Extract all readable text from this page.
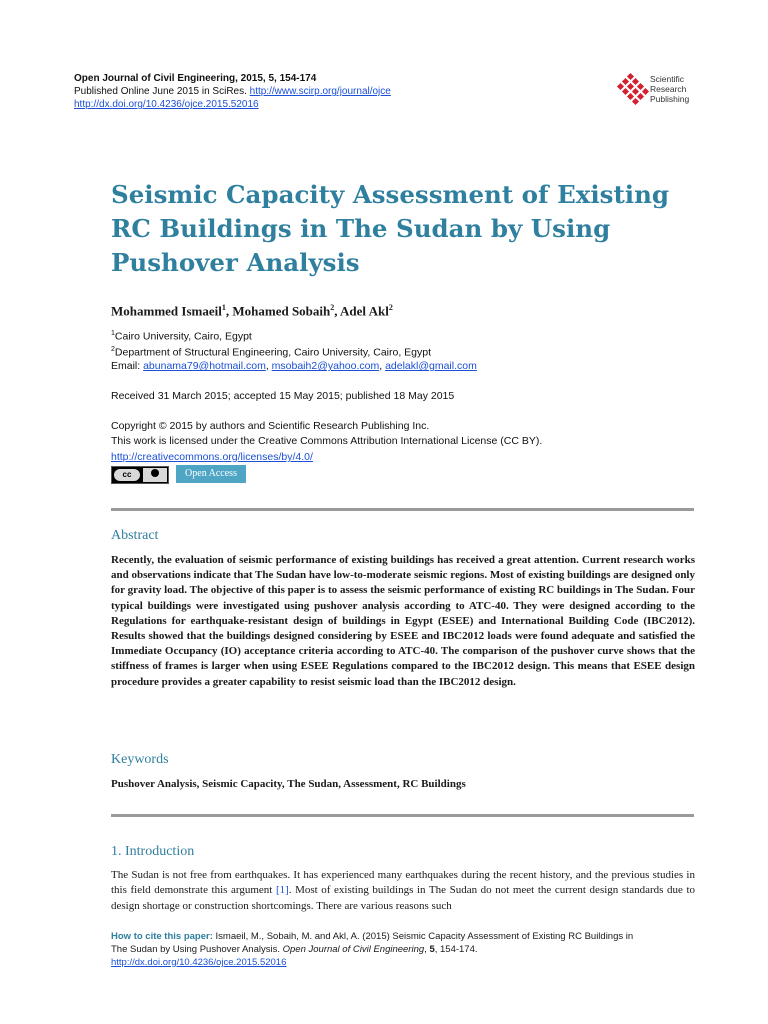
Open Journal of Civil Engineering, 2015, 5, 154-174
Published Online June 2015 in SciRes. http://www.scirp.org/journal/ojce
http://dx.doi.org/10.4236/ojce.2015.52016
Scientific
Research
Publishing
Seismic Capacity Assessment of Existing RC Buildings in The Sudan by Using Pushover Analysis
Mohammed Ismaeil$^1$, Mohamed Sobaih$^2$, Adel Akl$^2$
$^1$Cairo University, Cairo, Egypt
$^2$Department of Structural Engineering, Cairo University, Cairo, Egypt
Email: abunama79@hotmail.com, msobaih2@yahoo.com, adelakl@gmail.com
Received 31 March 2015; accepted 15 May 2015; published 18 May 2015
Copyright © 2015 by authors and Scientific Research Publishing Inc.
This work is licensed under the Creative Commons Attribution International License (CC BY).
http://creativecommons.org/licenses/by/4.0/
cc	Open Access
Abstract
Recently, the evaluation of seismic performance of existing buildings has received a great attention. Current research works and observations indicate that The Sudan have low-to-moderate seismic regions. Most of existing buildings are designed only for gravity load. The objective of this paper is to assess the seismic performance of existing RC buildings in The Sudan. Four typical buildings were investigated using pushover analysis according to ATC-40. They were designed according to the Regulations for earthquake-resistant design of buildings in Egypt (ESEE) and International Building Code (IBC2012). Results showed that the buildings designed considering by ESEE and IBC2012 loads were found adequate and satisfied the Immediate Occupancy (IO) acceptance criteria according to ATC-40. The comparison of the pushover curve shows that the stiffness of frames is larger when using ESEE Regulations compared to the IBC2012 design. This means that ESEE design procedure provides a greater capability to resist seismic load than the IBC2012 design.
Keywords
Pushover Analysis, Seismic Capacity, The Sudan, Assessment, RC Buildings
1. Introduction
The Sudan is not free from earthquakes. It has experienced many earthquakes during the recent history, and the previous studies in this field demonstrate this argument [1]. Most of existing buildings in The Sudan do not meet the current design standards due to design shortage or construction shortcomings. There are various reasons such
How to cite this paper: Ismaeil, M., Sobaih, M. and Akl, A. (2015) Seismic Capacity Assessment of Existing RC Buildings in
The Sudan by Using Pushover Analysis. Open Journal of Civil Engineering, 5, 154-174.
http://dx.doi.org/10.4236/ojce.2015.52016
